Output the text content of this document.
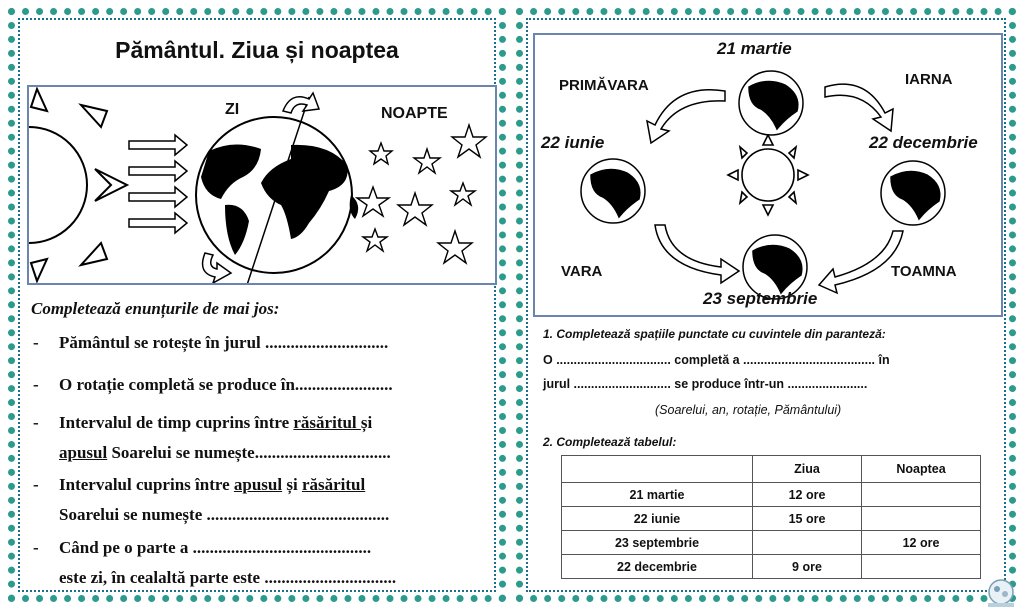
Pământul. Ziua și noaptea
ZI	NOAPTE
Completează enunțurile de mai jos:
- Pământul se rotește în jurul .............................
- O rotație completă se produce în.......................
- Intervalul de timp cuprins între răsăritul și
apusul Soarelui se numește................................
- Intervalul cuprins între apusul și răsăritul
Soarelui se numește ...........................................
- Când pe o parte a ..........................................
este zi, în cealaltă parte este ...............................
21 martie
22 iunie	22 decembrie
23 septembrie
PRIMĂVARA	IARNA
VARA	TOAMNA
1. Completează spațiile punctate cu cuvintele din paranteză:
O ................................. completă a ...................................... în
jurul ............................ se produce într-un .......................
(Soarelui, an, rotație, Pământului)
2. Completează tabelul:
	Ziua	Noaptea
21 martie	12 ore	
22 iunie	15 ore	
23 septembrie		12 ore
22 decembrie	9 ore	
